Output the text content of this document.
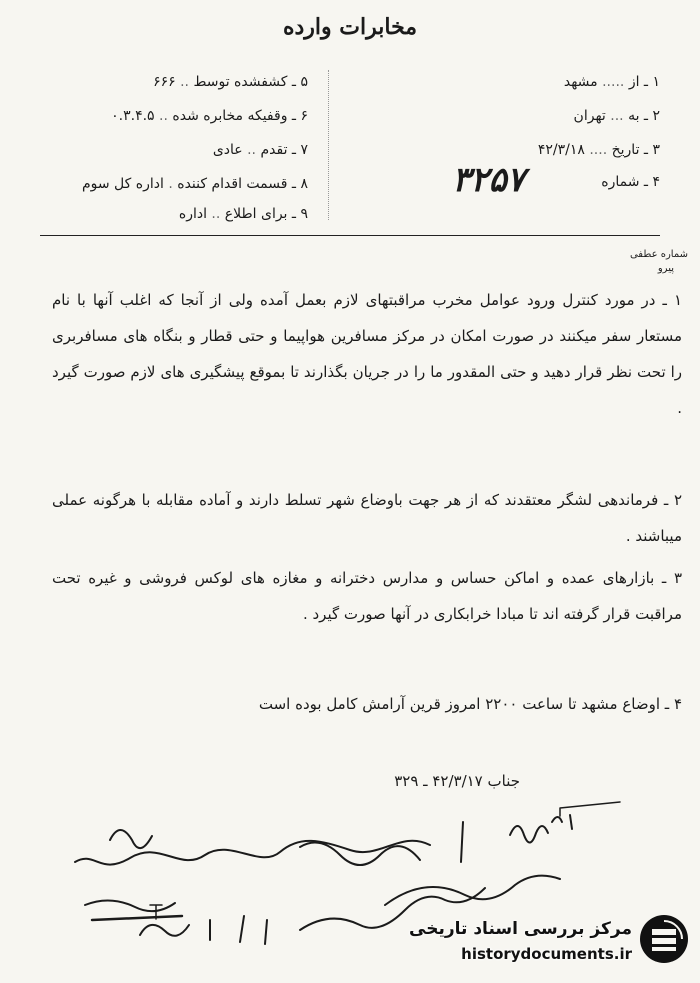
مخابرات وارده
۱ ـ از ..... مشهد
۲ ـ به ... تهران
۳ ـ تاریخ .... ۴۲/۳/۱۸
۴ ـ شماره
۳۲۵۷
۵ ـ کشفشده توسط .. ۶۶۶
۶ ـ وقفیکه مخابره شده .. ۰.۳.۴.۵
۷ ـ تقدم .. عادی
۸ ـ قسمت اقدام کننده . اداره کل سوم
۹ ـ برای اطلاع .. اداره
شماره عطفی
پیرو
۱ ـ در مورد کنترل ورود عوامل مخرب مراقبتهای لازم بعمل آمده ولی از آنجا که اغلب آنها با نام مستعار سفر میکنند در صورت امکان در مرکز مسافرین هواپیما و حتی قطار و بنگاه های مسافربری را تحت نظر قرار دهید و حتی المقدور ما را در جریان بگذارند تا بموقع پیشگیری های لازم صورت گیرد .
۲ ـ فرماندهی لشگر معتقدند که از هر جهت باوضاع شهر تسلط دارند و آماده مقابله با هرگونه عملی میباشند .
۳ ـ بازارهای عمده و اماکن حساس و مدارس دخترانه و مغازه های لوکس فروشی و غیره تحت مراقبت قرار گرفته اند تا مبادا خرابکاری در آنها صورت گیرد .
۴ ـ اوضاع مشهد تا ساعت ۲۲۰۰ امروز قرین آرامش کامل بوده است
جناب ۴۲/۳/۱۷ ـ ۳۲۹
مرکز بررسی اسناد تاریخی
historydocuments.ir
